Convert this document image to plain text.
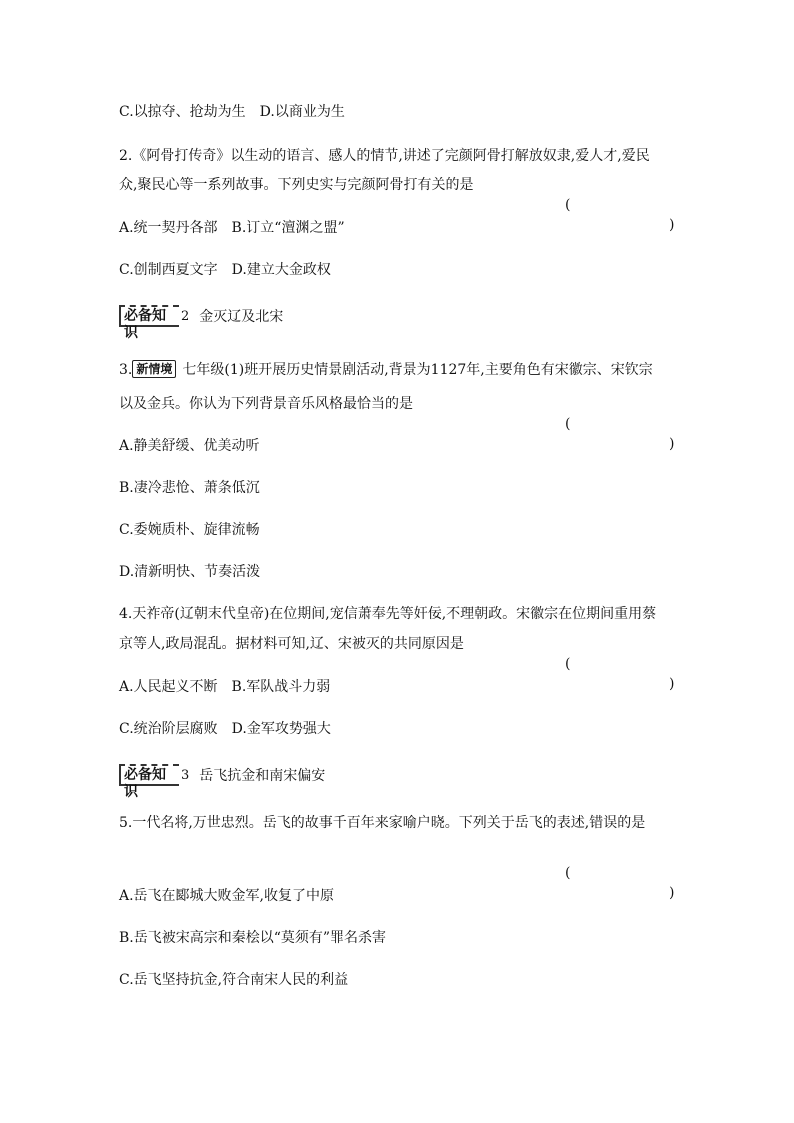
C.以掠夺、抢劫为生　D.以商业为生
2.《阿骨打传奇》以生动的语言、感人的情节,讲述了完颜阿骨打解放奴隶,爱人才,爱民
众,聚民心等一系列故事。下列史实与完颜阿骨打有关的是

(

)

A.统一契丹各部　B.订立“澶渊之盟”
C.创制西夏文字　D.建立大金政权
必备知识
2 金灭辽及北宋
3. 新情境 七年级(1)班开展历史情景剧活动,背景为1127年,主要角色有宋徽宗、宋钦宗
以及金兵。你认为下列背景音乐风格最恰当的是

(

)

A.静美舒缓、优美动听
B.凄冷悲怆、萧条低沉
C.委婉质朴、旋律流畅
D.清新明快、节奏活泼
4.天祚帝(辽朝末代皇帝)在位期间,宠信萧奉先等奸佞,不理朝政。宋徽宗在位期间重用蔡
京等人,政局混乱。据材料可知,辽、宋被灭的共同原因是

(

)

A.人民起义不断　B.军队战斗力弱
C.统治阶层腐败　D.金军攻势强大
必备知识
3 岳飞抗金和南宋偏安
5.一代名将,万世忠烈。岳飞的故事千百年来家喻户晓。下列关于岳飞的表述,错误的是

(

)

A.岳飞在郾城大败金军,收复了中原
B.岳飞被宋高宗和秦桧以“莫须有”罪名杀害
C.岳飞坚持抗金,符合南宋人民的利益
